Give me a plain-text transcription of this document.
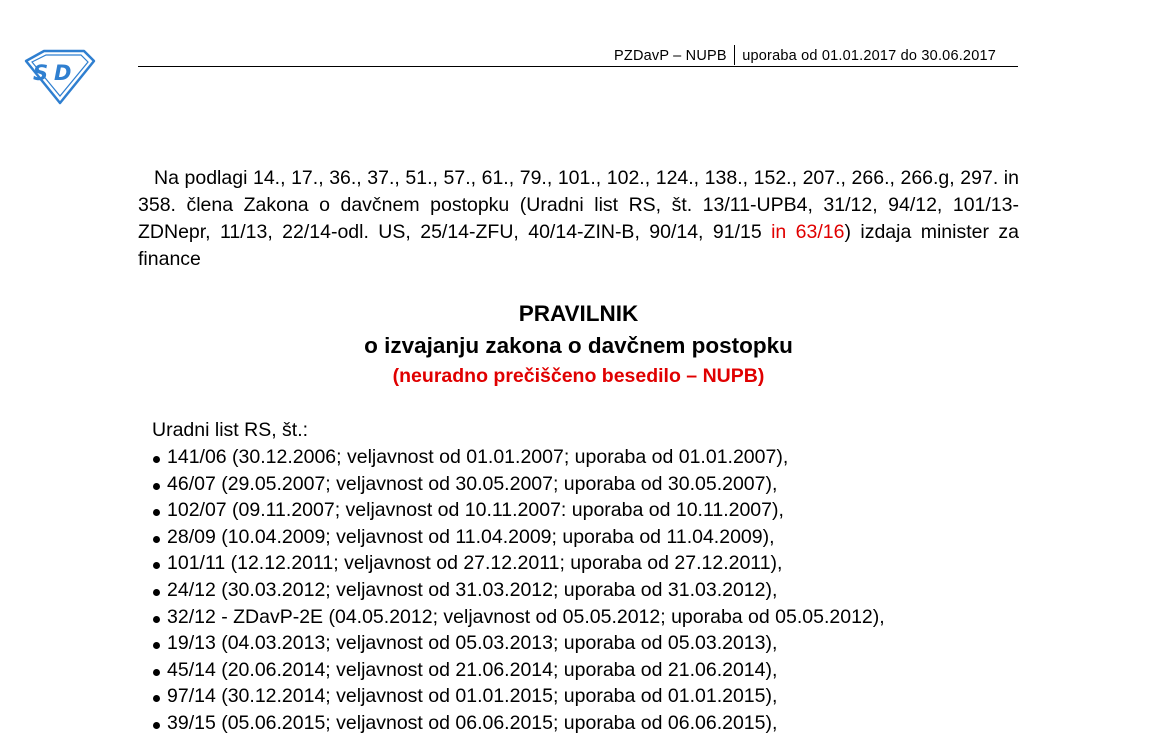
S D
PZDavP – NUPB uporaba od 01.01.2017 do 30.06.2017

Na podlagi 14., 17., 36., 37., 51., 57., 61., 79., 101., 102., 124., 138., 152., 207., 266., 266.g, 297. in 358. člena Zakona o davčnem postopku (Uradni list RS, št. 13/11-UPB4, 31/12, 94/12, 101/13-ZDNepr, 11/13, 22/14-odl. US, 25/14-ZFU, 40/14-ZIN-B, 90/14, 91/15 in 63/16) izdaja minister za finance

PRAVILNIK
o izvajanju zakona o davčnem postopku
(neuradno prečiščeno besedilo – NUPB)
Uradni list RS, št.:
141/06 (30.12.2006; veljavnost od 01.01.2007; uporaba od 01.01.2007),
46/07 (29.05.2007; veljavnost od 30.05.2007; uporaba od 30.05.2007),
102/07 (09.11.2007; veljavnost od 10.11.2007: uporaba od 10.11.2007),
28/09 (10.04.2009; veljavnost od 11.04.2009; uporaba od 11.04.2009),
101/11 (12.12.2011; veljavnost od 27.12.2011; uporaba od 27.12.2011),
24/12 (30.03.2012; veljavnost od 31.03.2012; uporaba od 31.03.2012),
32/12 - ZDavP-2E (04.05.2012; veljavnost od 05.05.2012; uporaba od 05.05.2012),
19/13 (04.03.2013; veljavnost od 05.03.2013; uporaba od 05.03.2013),
45/14 (20.06.2014; veljavnost od 21.06.2014; uporaba od 21.06.2014),
97/14 (30.12.2014; veljavnost od 01.01.2015; uporaba od 01.01.2015),
39/15 (05.06.2015; veljavnost od 06.06.2015; uporaba od 06.06.2015),
